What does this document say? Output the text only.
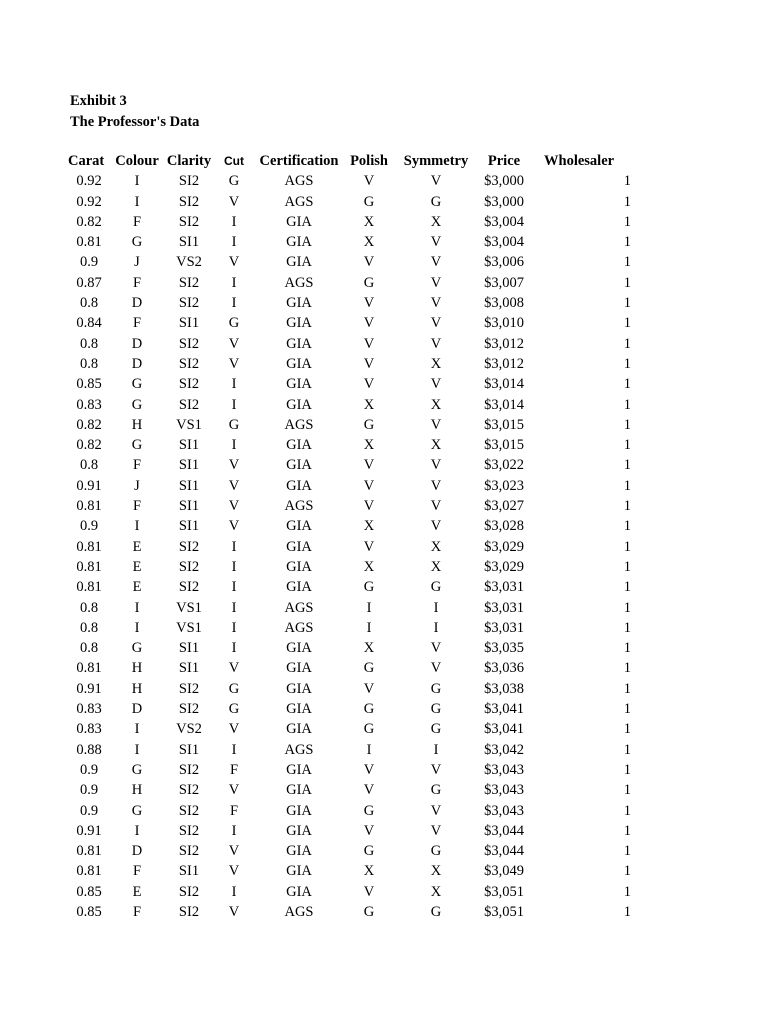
Exhibit 3
The Professor's Data
Carat	Colour	Clarity	Cut	Certification	Polish	Symmetry	Price	Wholesaler
0.92	I	SI2	G	AGS	V	V	$3,000	1
0.92	I	SI2	V	AGS	G	G	$3,000	1
0.82	F	SI2	I	GIA	X	X	$3,004	1
0.81	G	SI1	I	GIA	X	V	$3,004	1
0.9	J	VS2	V	GIA	V	V	$3,006	1
0.87	F	SI2	I	AGS	G	V	$3,007	1
0.8	D	SI2	I	GIA	V	V	$3,008	1
0.84	F	SI1	G	GIA	V	V	$3,010	1
0.8	D	SI2	V	GIA	V	V	$3,012	1
0.8	D	SI2	V	GIA	V	X	$3,012	1
0.85	G	SI2	I	GIA	V	V	$3,014	1
0.83	G	SI2	I	GIA	X	X	$3,014	1
0.82	H	VS1	G	AGS	G	V	$3,015	1
0.82	G	SI1	I	GIA	X	X	$3,015	1
0.8	F	SI1	V	GIA	V	V	$3,022	1
0.91	J	SI1	V	GIA	V	V	$3,023	1
0.81	F	SI1	V	AGS	V	V	$3,027	1
0.9	I	SI1	V	GIA	X	V	$3,028	1
0.81	E	SI2	I	GIA	V	X	$3,029	1
0.81	E	SI2	I	GIA	X	X	$3,029	1
0.81	E	SI2	I	GIA	G	G	$3,031	1
0.8	I	VS1	I	AGS	I	I	$3,031	1
0.8	I	VS1	I	AGS	I	I	$3,031	1
0.8	G	SI1	I	GIA	X	V	$3,035	1
0.81	H	SI1	V	GIA	G	V	$3,036	1
0.91	H	SI2	G	GIA	V	G	$3,038	1
0.83	D	SI2	G	GIA	G	G	$3,041	1
0.83	I	VS2	V	GIA	G	G	$3,041	1
0.88	I	SI1	I	AGS	I	I	$3,042	1
0.9	G	SI2	F	GIA	V	V	$3,043	1
0.9	H	SI2	V	GIA	V	G	$3,043	1
0.9	G	SI2	F	GIA	G	V	$3,043	1
0.91	I	SI2	I	GIA	V	V	$3,044	1
0.81	D	SI2	V	GIA	G	G	$3,044	1
0.81	F	SI1	V	GIA	X	X	$3,049	1
0.85	E	SI2	I	GIA	V	X	$3,051	1
0.85	F	SI2	V	AGS	G	G	$3,051	1
